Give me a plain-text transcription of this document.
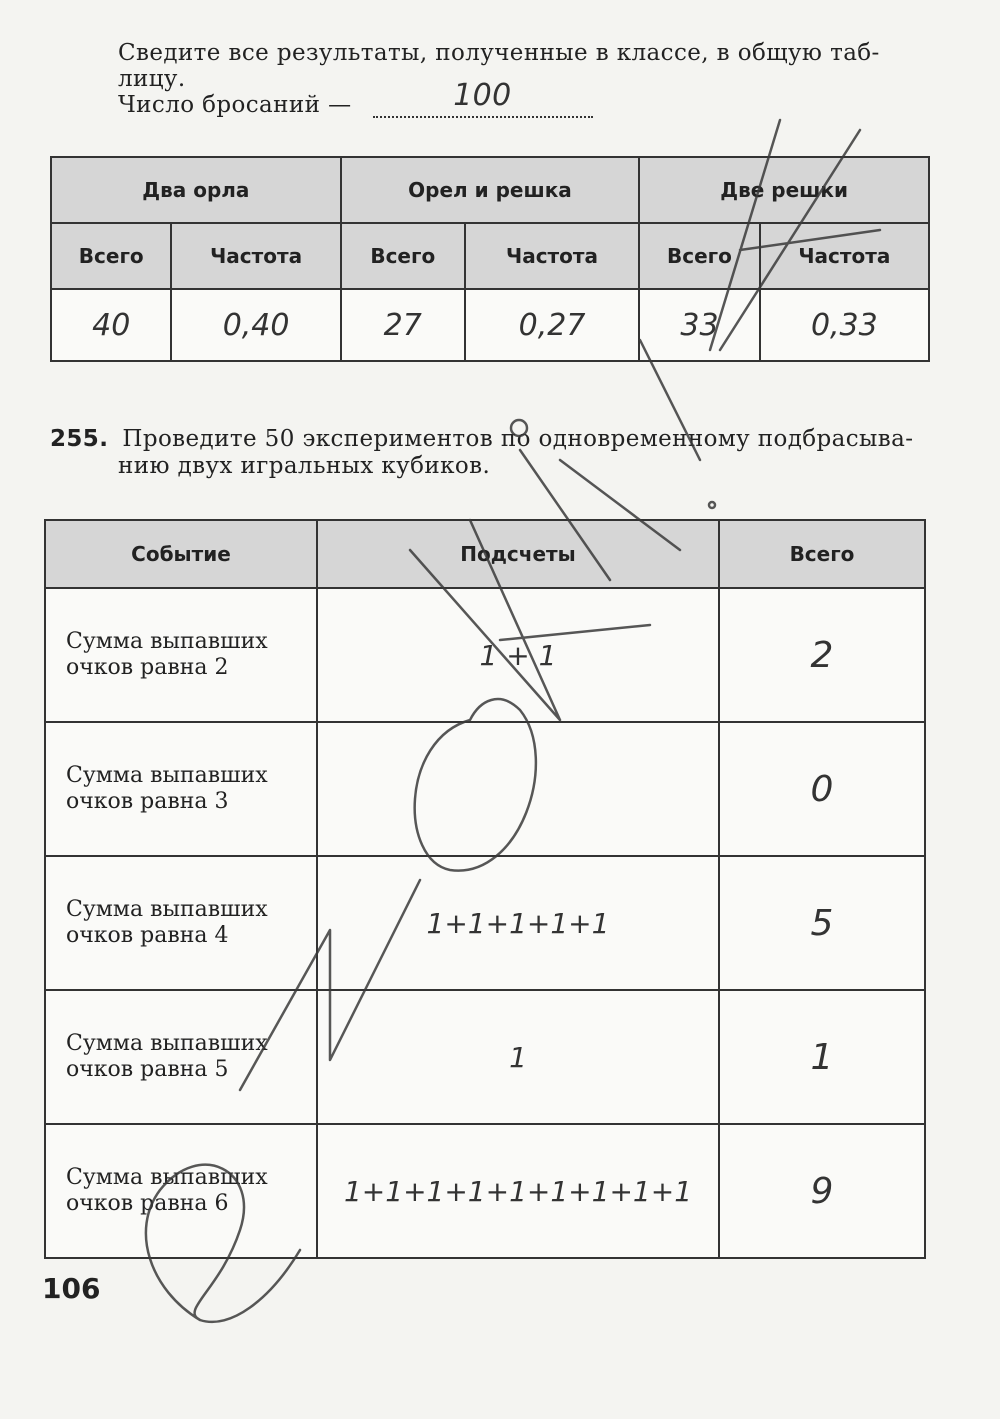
Сведите все результаты, полученные в классе, в общую таб-

лицу.

Число бросаний —	100
Два орла		Орел и решка		Две решки	
Всего	Частота	Всего	Частота	Всего	Частота
40	0,40	27	0,27	33	0,33
255. Проведите 50 экспериментов по одновременному подбрасыва-
нию двух игральных кубиков.
Событие	Подсчеты	Всего
Сумма выпавших
очков равна 2	1 + 1	2
Сумма выпавших
очков равна 3		0
Сумма выпавших
очков равна 4	1+1+1+1+1	5
Сумма выпавших
очков равна 5	1	1
Сумма выпавших
очков равна 6	1+1+1+1+1+1+1+1+1	9
106
